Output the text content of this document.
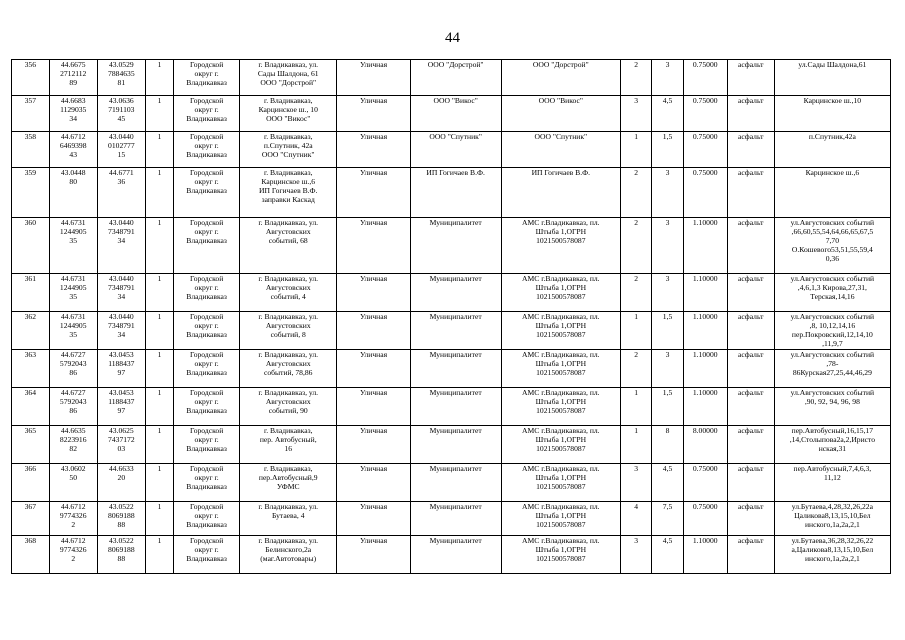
44
356	44.6675
2712112
89	43.0529
7884635
81	1	Городской
округ г.
Владикавказ	г. Владикавказ, ул.
Сады Шалдона, 61
ООО "Дорстрой"	Уличная	ООО "Дорстрой"	ООО "Дорстрой"	2	3	0.75000	асфальт	ул.Сады Шалдона,61
357	44.6683
1129035
34	43.0636
7191103
45	1	Городской
округ г.
Владикавказ	г. Владикавказ,
Карцинское ш., 10
ООО "Викос"	Уличная	ООО "Викос"	ООО "Викос"	3	4,5	0.75000	асфальт	Карцинское ш.,10
358	44.6712
6469398
43	43.0440
0102777
15	1	Городской
округ г.
Владикавказ	г. Владикавказ,
п.Спутник, 42а
ООО "Спутник"	Уличная	ООО "Спутник"	ООО "Спутник"	1	1,5	0.75000	асфальт	п.Спутник,42а
359	43.0448
80	44.6771
36	1	Городской
округ г.
Владикавказ	г. Владикавказ,
Карцинское ш.,6
ИП Гогичаев В.Ф.
заправки Каскад	Уличная	ИП Гогичаев В.Ф.	ИП Гогичаев В.Ф.	2	3	0.75000	асфальт	Карцинское ш.,6
360	44.6731
1244905
35	43.0440
7348791
34	1	Городской
округ г.
Владикавказ	г. Владикавказ, ул.
Августовских
событий, 68	Уличная	Муниципалитет	АМС г.Владикавказ, пл.
Штыба 1,ОГРН
1021500578087	2	3	1.10000	асфальт	ул.Августовских событий
,66,60,55,54,64,66,65,67,5
7,70
О.Кошевого53,51,55,59,4
0,36
361	44.6731
1244905
35	43.0440
7348791
34	1	Городской
округ г.
Владикавказ	г. Владикавказ, ул.
Августовских
событий, 4	Уличная	Муниципалитет	АМС г.Владикавказ, пл.
Штыба 1,ОГРН
1021500578087	2	3	1.10000	асфальт	ул.Августовских событий
,4,6,1,3 Кирова,27,31,
Терская,14,16
362	44.6731
1244905
35	43.0440
7348791
34	1	Городской
округ г.
Владикавказ	г. Владикавказ, ул.
Августовских
событий, 8	Уличная	Муниципалитет	АМС г.Владикавказ, пл.
Штыба 1,ОГРН
1021500578087	1	1,5	1.10000	асфальт	ул.Августовских событий
,8, 10,12,14,16
пер.Покровский,12,14,10
,11,9,7
363	44.6727
5792043
86	43.0453
1188437
97	1	Городской
округ г.
Владикавказ	г. Владикавказ, ул.
Августовских
событий, 78,86	Уличная	Муниципалитет	АМС г.Владикавказ, пл.
Штыба 1,ОГРН
1021500578087	2	3	1.10000	асфальт	ул.Августовских событий
,78-
86Курская27,25,44,46,29
364	44.6727
5792043
86	43.0453
1188437
97	1	Городской
округ г.
Владикавказ	г. Владикавказ, ул.
Августовских
событий, 90	Уличная	Муниципалитет	АМС г.Владикавказ, пл.
Штыба 1,ОГРН
1021500578087	1	1,5	1.10000	асфальт	ул.Августовских событий
,90, 92, 94, 96, 98
365	44.6635
8223916
82	43.0625
7437172
03	1	Городской
округ г.
Владикавказ	г. Владикавказ,
пер. Автобусный,
16	Уличная	Муниципалитет	АМС г.Владикавказ, пл.
Штыба 1,ОГРН
1021500578087	1	8	8.00000	асфальт	пер.Автобусный,16,15,17
,14,Столыпова2а,2,Иристо
нская,31
366	43.0602
50	44.6633
20	1	Городской
округ г.
Владикавказ	г. Владикавказ,
пер.Автобусный,9
УФМС	Уличная	Муниципалитет	АМС г.Владикавказ, пл.
Штыба 1,ОГРН
1021500578087	3	4,5	0.75000	асфальт	пер.Автобусный,7,4,6,3,
11,12
367	44.6712
9774326
2	43.0522
8069188
88	1	Городской
округ г.
Владикавказ	г. Владикавказ, ул.
Бутаева, 4	Уличная	Муниципалитет	АМС г.Владикавказ, пл.
Штыба 1,ОГРН
1021500578087	4	7,5	0.75000	асфальт	ул.Бутаева,4,28,32,26,22а
Цаликова8,13,15,10,Бел
инского,1а,2а,2,1
368	44.6712
9774326
2	43.0522
8069188
88	1	Городской
округ г.
Владикавказ	г. Владикавказ, ул.
Белинского,2а
(маг.Автотовары)	Уличная	Муниципалитет	АМС г.Владикавказ, пл.
Штыба 1,ОГРН
1021500578087	3	4,5	1.10000	асфальт	ул.Бутаева,36,28,32,26,22
а,Цаликова8,13,15,10,Бел
инского,1а,2а,2,1
